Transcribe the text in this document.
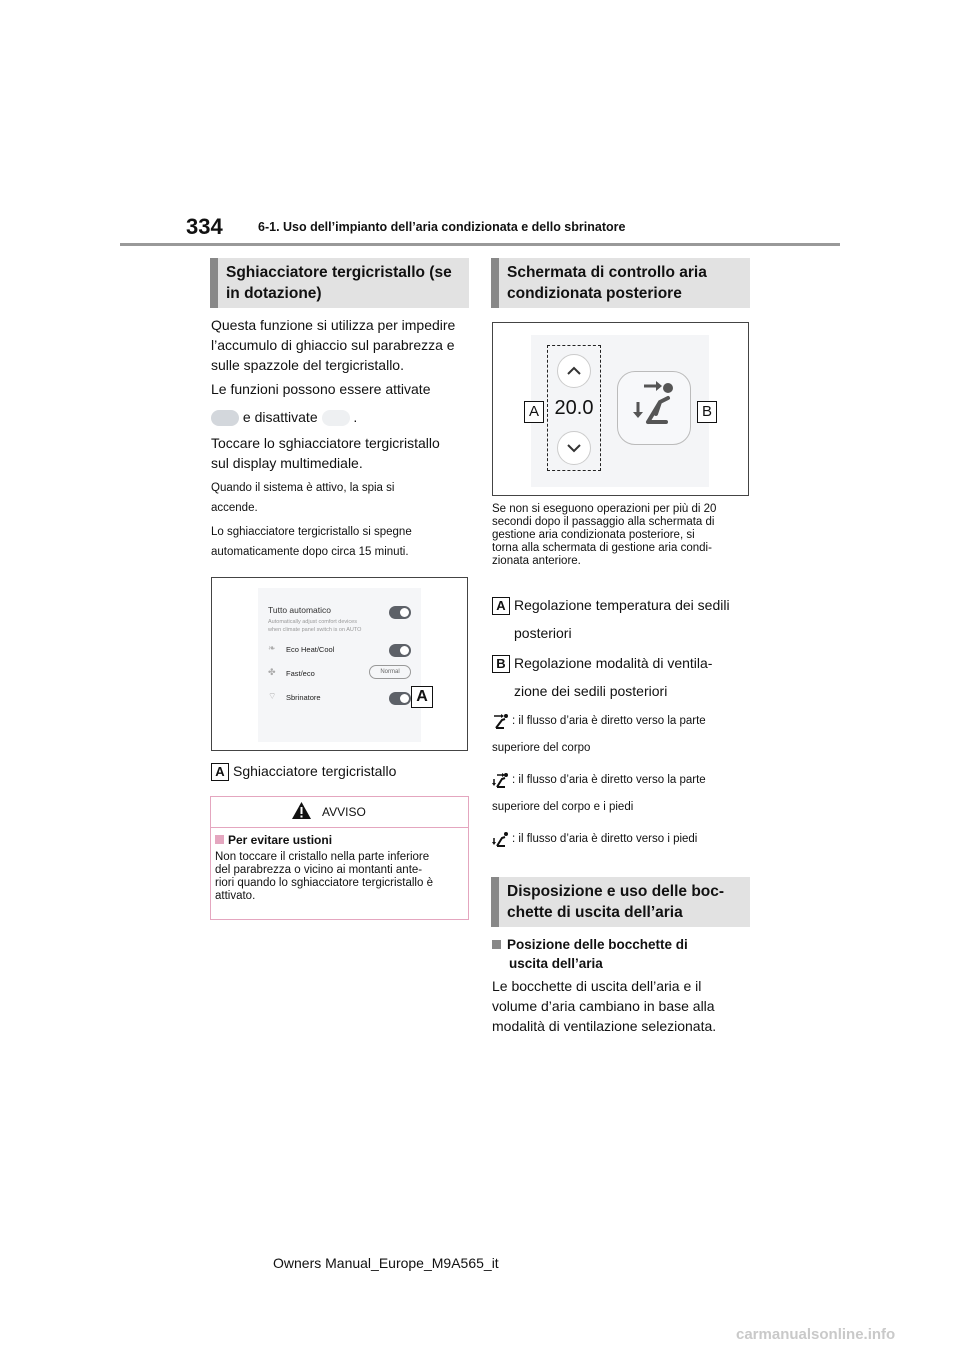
334	6-1. Uso dell’impianto dell’aria condizionata e dello sbrinatore
Sghiacciatore tergicristallo (se
in dotazione)
Questa funzione si utilizza per impedire
l’accumulo di ghiaccio sul parabrezza e
sulle spazzole del tergicristallo.
Le funzioni possono essere attivate
e disattivate	.
Toccare lo sghiacciatore tergicristallo
sul display multimediale.
Quando il sistema è attivo, la spia si
accende.
Lo sghiacciatore tergicristallo si spegne
automaticamente dopo circa 15 minuti.
Tutto automatico
Automatically adjust comfort devices
when climate panel switch is on AUTO
❧ Eco Heat/Cool
✤ Fast/eco	Normal
⌔ Sbrinatore	A
A Sghiacciatore tergicristallo
AVVISO
Per evitare ustioni
Non toccare il cristallo nella parte inferiore
del parabrezza o vicino ai montanti ante-
riori quando lo sghiacciatore tergicristallo è
attivato.
Schermata di controllo aria
condizionata posteriore
20.0
A	B
Se non si eseguono operazioni per più di 20
secondi dopo il passaggio alla schermata di
gestione aria condizionata posteriore, si
torna alla schermata di gestione aria condi-
zionata anteriore.
A Regolazione temperatura dei sedili
posteriori
B Regolazione modalità di ventila-
zione dei sedili posteriori
: il flusso d’aria è diretto verso la parte
superiore del corpo
: il flusso d’aria è diretto verso la parte
superiore del corpo e i piedi
: il flusso d’aria è diretto verso i piedi
Disposizione e uso delle boc-
chette di uscita dell’aria
Posizione delle bocchette di
uscita dell’aria
Le bocchette di uscita dell’aria e il
volume d’aria cambiano in base alla
modalità di ventilazione selezionata.
Owners Manual_Europe_M9A565_it
carmanualsonline.info
